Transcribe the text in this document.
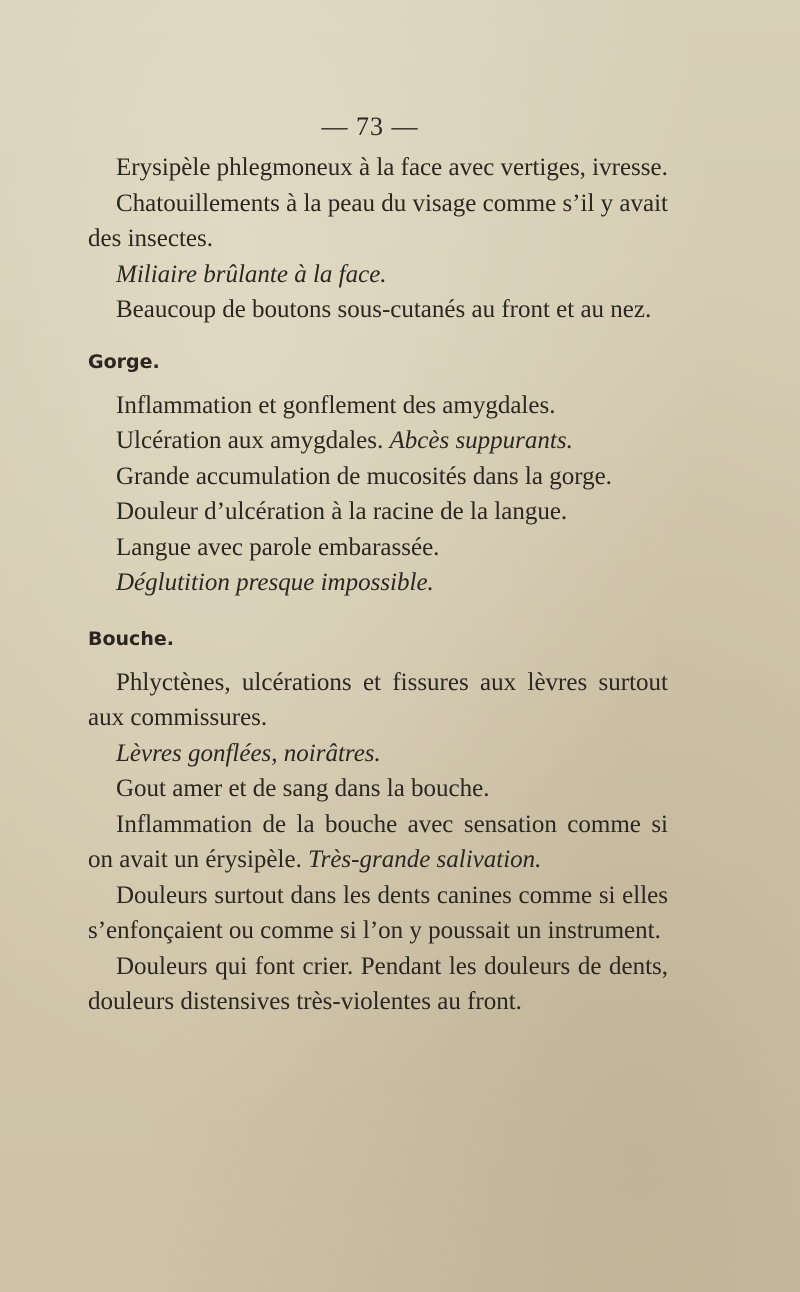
— 73 —

Erysipèle phlegmoneux à la face avec vertiges, ivresse.

Chatouillements à la peau du visage comme s’il y avait des insectes.

Miliaire brûlante à la face.

Beaucoup de boutons sous-cutanés au front et au nez.

Gorge.

Inflammation et gonflement des amygdales.

Ulcération aux amygdales. Abcès suppurants.

Grande accumulation de mucosités dans la gorge.

Douleur d’ulcération à la racine de la langue.

Langue avec parole embarassée.

Déglutition presque impossible.

Bouche.

Phlyctènes, ulcérations et fissures aux lèvres surtout aux commissures.

Lèvres gonflées, noirâtres.

Gout amer et de sang dans la bouche.

Inflammation de la bouche avec sensation comme si on avait un érysipèle. Très-grande salivation.

Douleurs surtout dans les dents canines comme si elles s’enfonçaient ou comme si l’on y poussait un instrument.

Douleurs qui font crier. Pendant les douleurs de dents, douleurs distensives très-violentes au front.
